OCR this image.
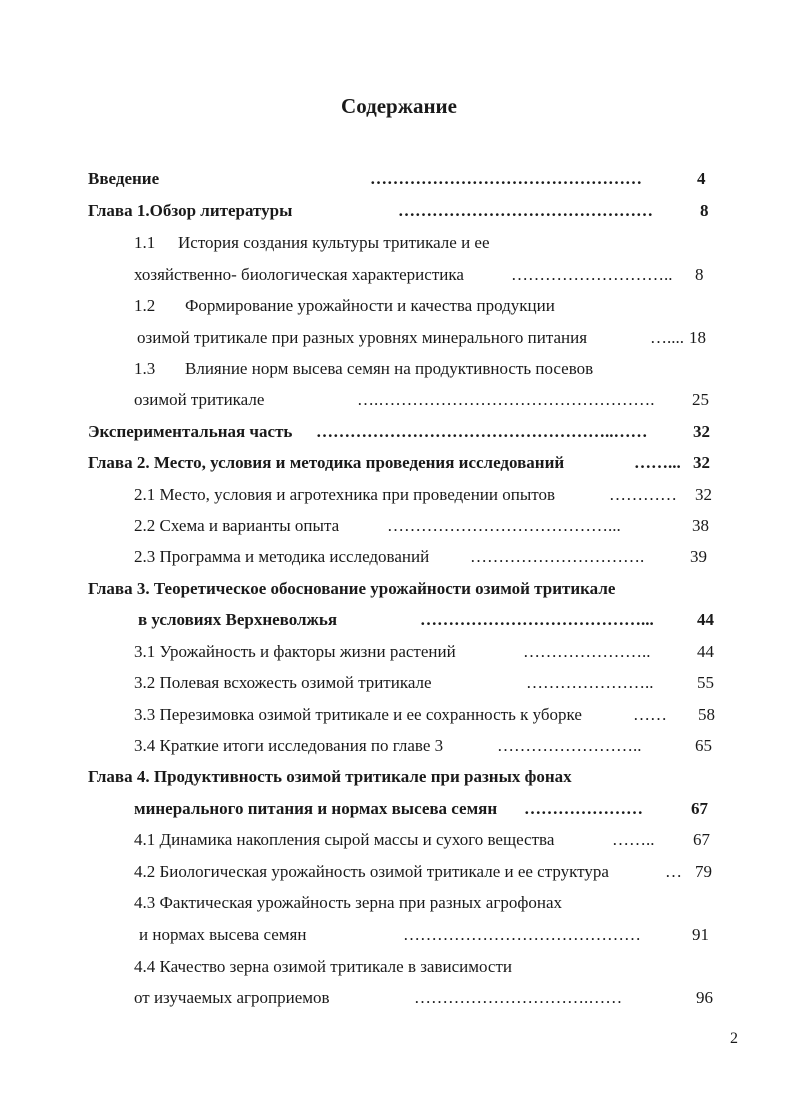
Содержание
Введение	…………………………………………	4
Глава 1.Обзор литературы	………………………………………	8
1.1 История создания культуры тритикале и ее
хозяйственно- биологическая характеристика	……………………….. 8
1.2 Формирование урожайности и качества продукции
озимой тритикале при разных уровнях минерального питания	….... 18
1.3 Влияние норм высева семян на продуктивность посевов
озимой тритикале	….…………………………………………. 25
Экспериментальная часть ……………………………………………..……	32
Глава 2. Место, условия и методика проведения исследований	……... 32
2.1 Место, условия и агротехника при проведении опытов	………… 32
2.2 Схема и варианты опыта	…………………………………...	38
2.3 Программа и методика исследований ………………………….	39
Глава 3. Теоретическое обоснование урожайности озимой тритикале
в условиях Верхневолжья	…………………………………...	44
3.1 Урожайность и факторы жизни растений	…………………..	44
3.2 Полевая всхожесть озимой тритикале	…………………..	55
3.3 Перезимовка озимой тритикале и ее сохранность к уборке	…… 58
3.4 Краткие итоги исследования по главе 3	……………………..	65
Глава 4. Продуктивность озимой тритикале при разных фонах
минерального питания и нормах высева семян …………………	67
4.1 Динамика накопления сырой массы и сухого вещества	…….. 67
4.2 Биологическая урожайность озимой тритикале и ее структура	… 79
4.3 Фактическая урожайность зерна при разных агрофонах
и нормах высева семян	……………………………………	91
4.4 Качество зерна озимой тритикале в зависимости
от изучаемых агроприемов	………………………….……	96
2
